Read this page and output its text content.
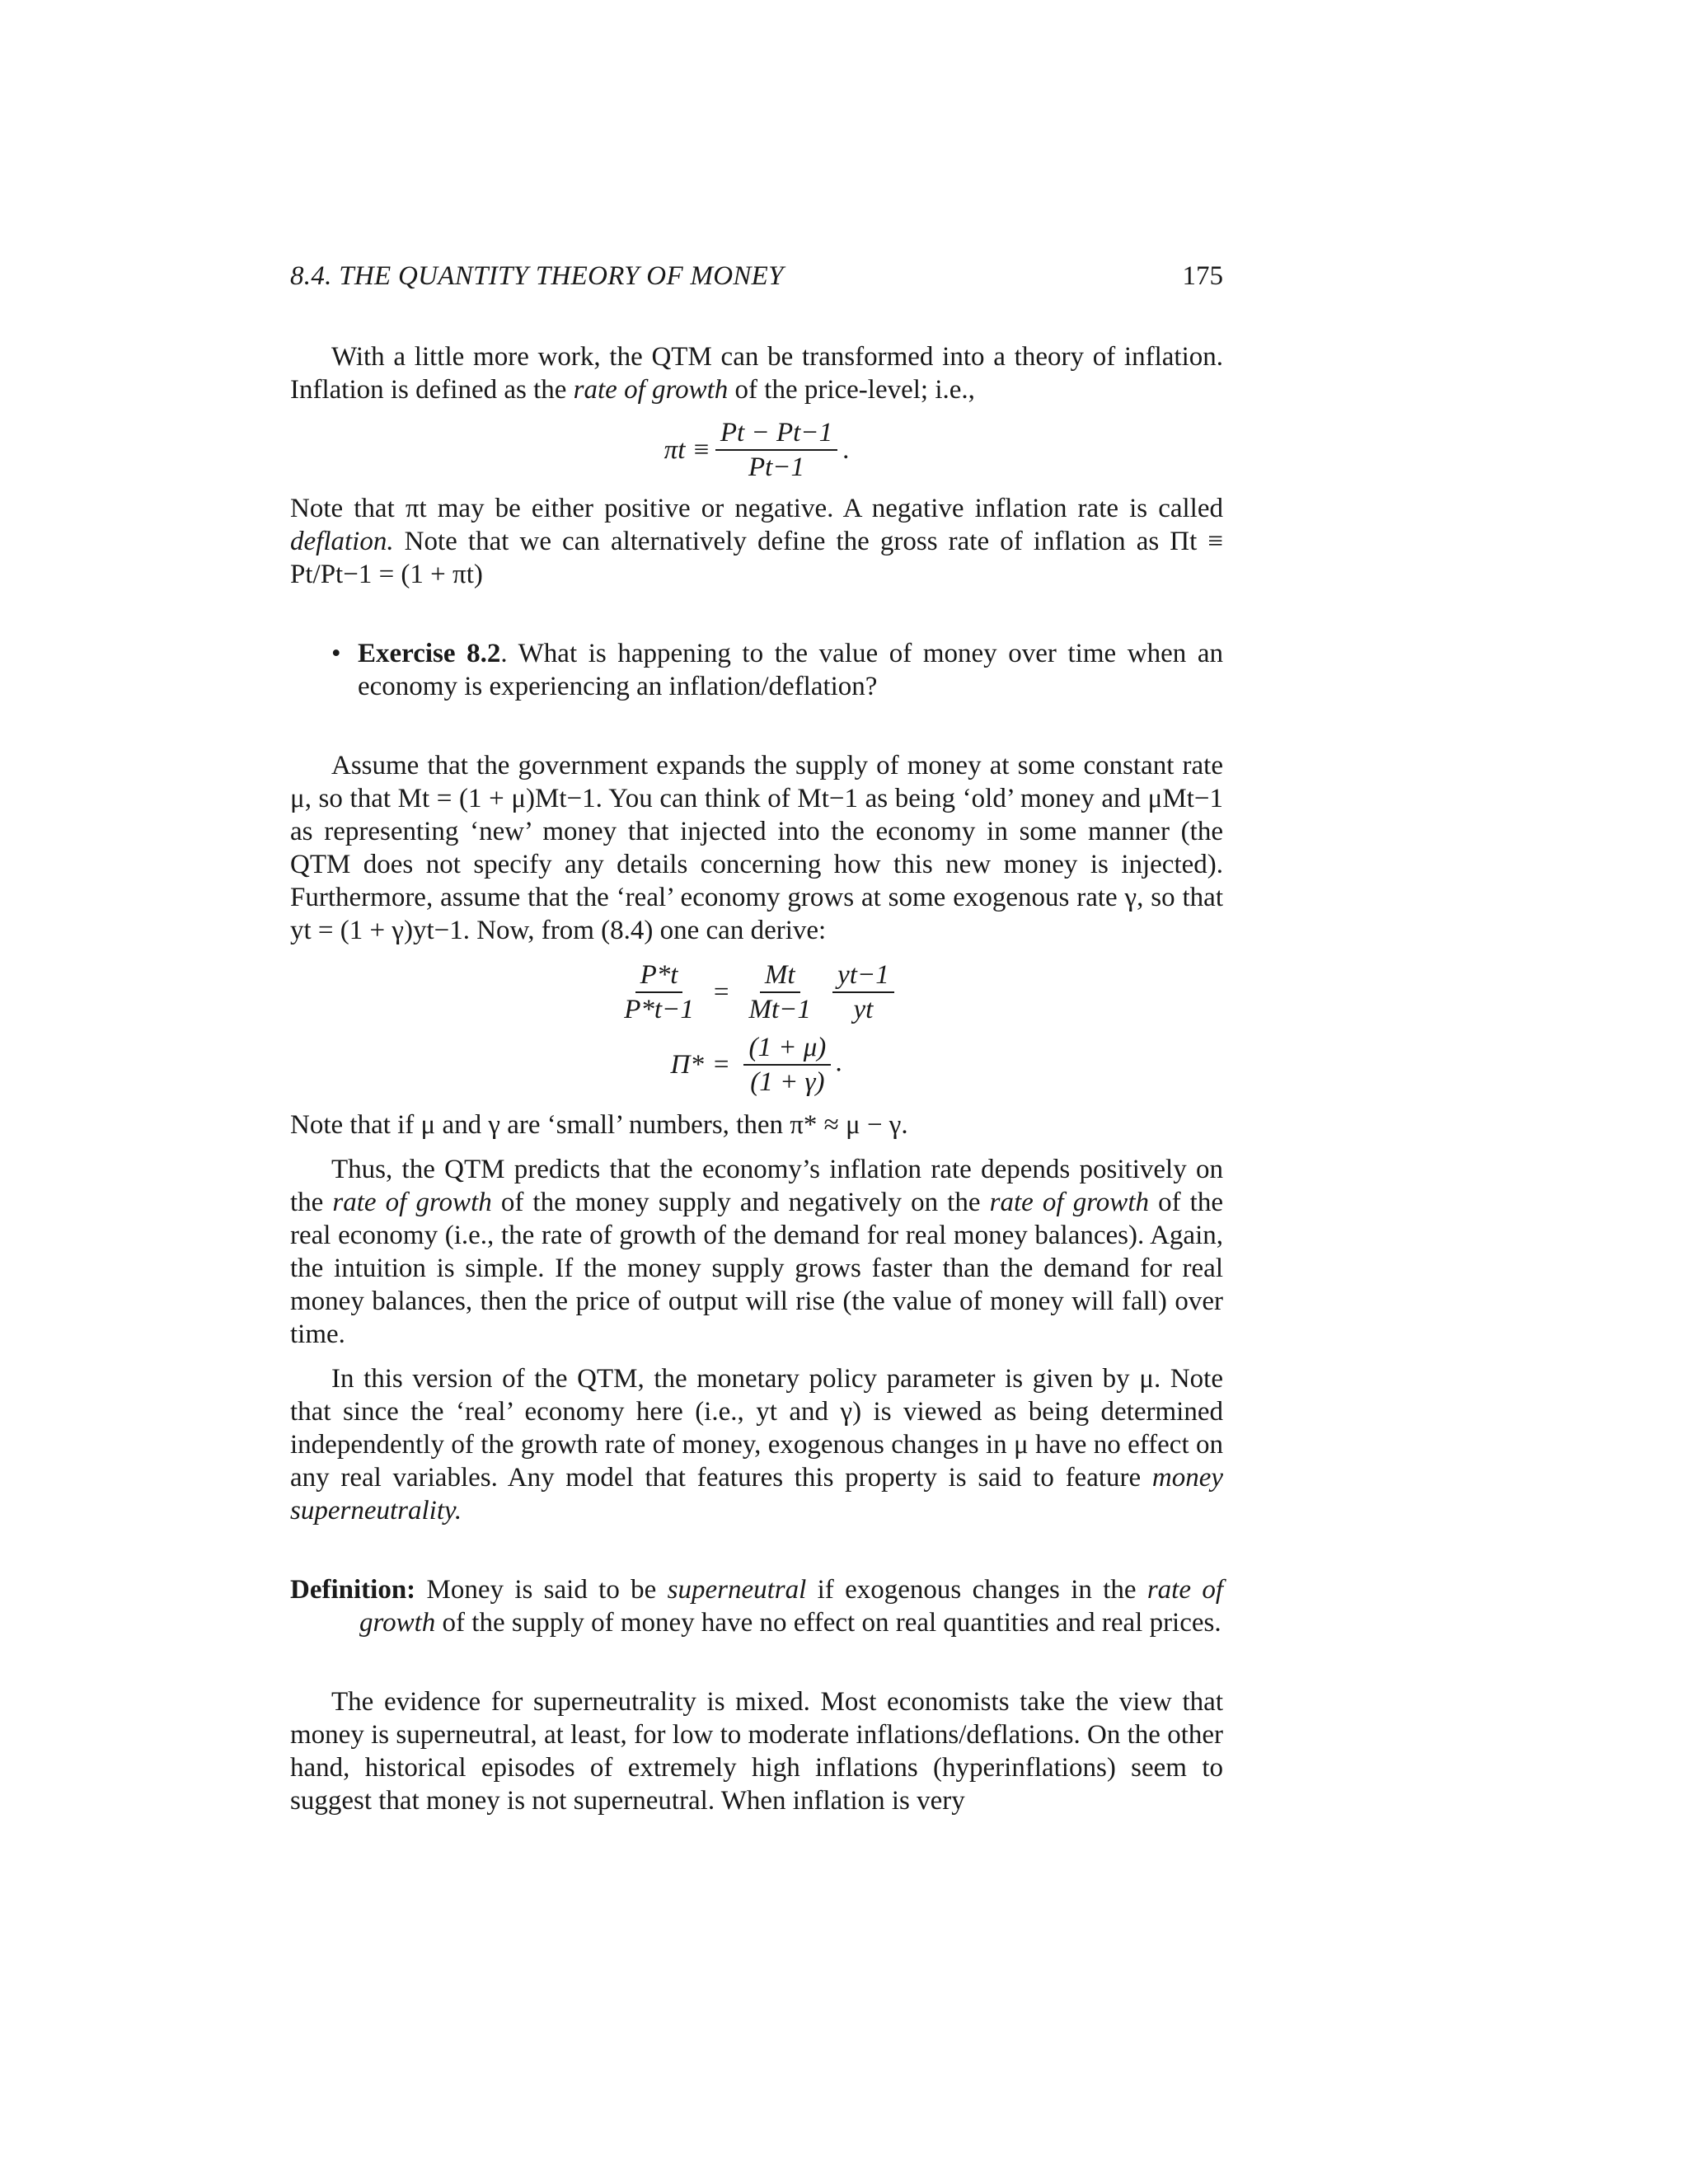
8.4. THE QUANTITY THEORY OF MONEY	175

With a little more work, the QTM can be transformed into a theory of inflation. Inflation is defined as the rate of growth of the price-level; i.e.,

$\pi t \equiv \frac{Pt - Pt-1}{Pt-1}$ .

Note that πt may be either positive or negative. A negative inflation rate is called deflation. Note that we can alternatively define the gross rate of inflation as Πt ≡ Pt/Pt−1 = (1 + πt)

• Exercise 8.2. What is happening to the value of money over time when an economy is experiencing an inflation/deflation?

Assume that the government expands the supply of money at some constant rate μ, so that Mt = (1 + μ)Mt−1. You can think of Mt−1 as being ‘old’ money and μMt−1 as representing ‘new’ money that injected into the economy in some manner (the QTM does not specify any details concerning how this new money is injected). Furthermore, assume that the ‘real’ economy grows at some exogenous rate γ, so that yt = (1 + γ)yt−1. Now, from (8.4) one can derive:

$\frac{P*t}{P*t-1} = \frac{Mt}{Mt-1}$
$\frac{yt-1}{yt}$
$\Pi* = \frac{(1 + \mu)}{(1 + \gamma)}$ .

Note that if μ and γ are ‘small’ numbers, then π* ≈ μ − γ.

Thus, the QTM predicts that the economy’s inflation rate depends positively on the rate of growth of the money supply and negatively on the rate of growth of the real economy (i.e., the rate of growth of the demand for real money balances). Again, the intuition is simple. If the money supply grows faster than the demand for real money balances, then the price of output will rise (the value of money will fall) over time.

In this version of the QTM, the monetary policy parameter is given by μ. Note that since the ‘real’ economy here (i.e., yt and γ) is viewed as being determined independently of the growth rate of money, exogenous changes in μ have no effect on any real variables. Any model that features this property is said to feature money superneutrality.

Definition: Money is said to be superneutral if exogenous changes in the rate of growth of the supply of money have no effect on real quantities and real prices.

The evidence for superneutrality is mixed. Most economists take the view that money is superneutral, at least, for low to moderate inflations/deflations. On the other hand, historical episodes of extremely high inflations (hyperinflations) seem to suggest that money is not superneutral. When inflation is very
